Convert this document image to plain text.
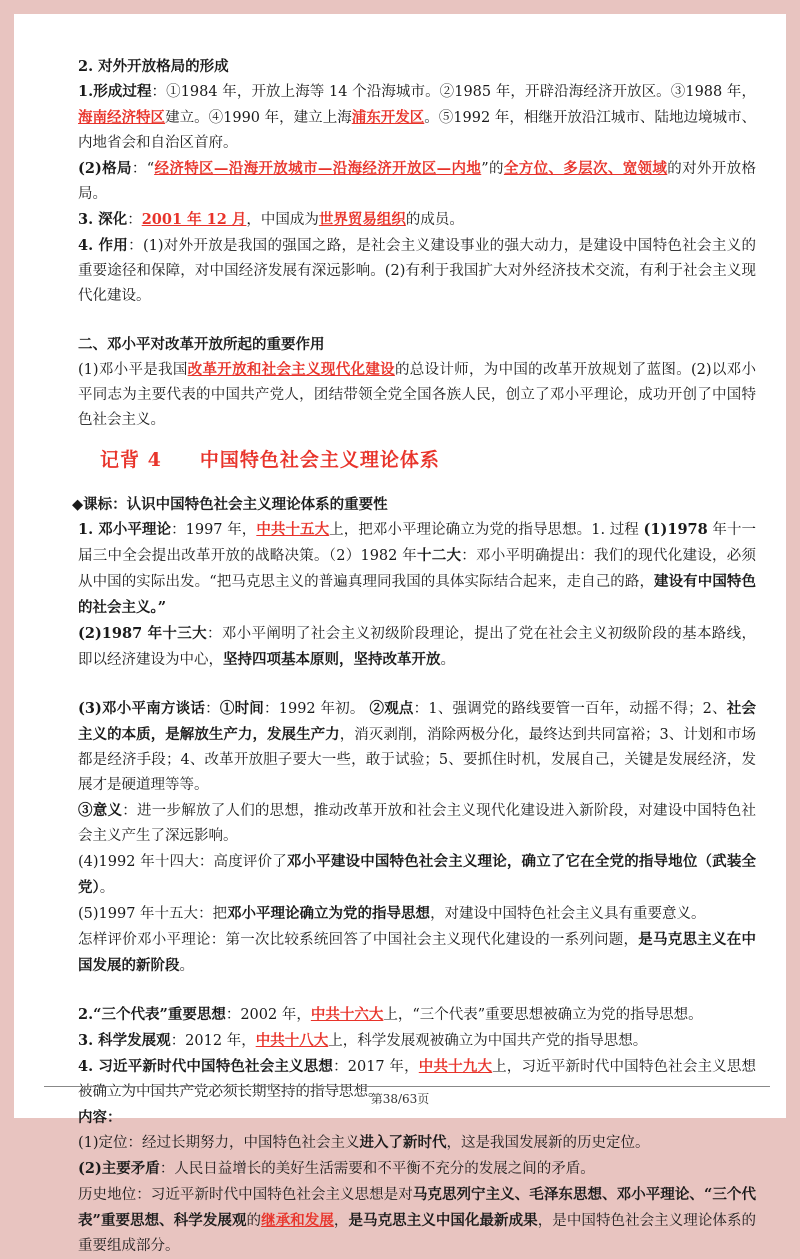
2. 对外开放格局的形成

1.形成过程：①1984 年，开放上海等 14 个沿海城市。②1985 年，开辟沿海经济开放区。③1988 年，海南经济特区建立。④1990 年，建立上海浦东开发区。⑤1992 年，相继开放沿江城市、陆地边境城市、内地省会和自治区首府。

(2)格局：“经济特区—沿海开放城市—沿海经济开放区—内地”的全方位、多层次、宽领域的对外开放格局。

3. 深化：2001 年 12 月，中国成为世界贸易组织的成员。

4. 作用：(1)对外开放是我国的强国之路，是社会主义建设事业的强大动力，是建设中国特色社会主义的重要途径和保障，对中国经济发展有深远影响。(2)有利于我国扩大对外经济技术交流，有利于社会主义现代化建设。

二、邓小平对改革开放所起的重要作用

(1)邓小平是我国改革开放和社会主义现代化建设的总设计师，为中国的改革开放规划了蓝图。(2)以邓小平同志为主要代表的中国共产党人，团结带领全党全国各族人民，创立了邓小平理论，成功开创了中国特色社会主义。

记背 4 中国特色社会主义理论体系

◆课标：认识中国特色社会主义理论体系的重要性

1. 邓小平理论：1997 年，中共十五大上，把邓小平理论确立为党的指导思想。1. 过程 (1)1978 年十一届三中全会提出改革开放的战略决策。（2）1982 年十二大：邓小平明确提出：我们的现代化建设，必须从中国的实际出发。“把马克思主义的普遍真理同我国的具体实际结合起来，走自己的路，建设有中国特色的社会主义。”

(2)1987 年十三大：邓小平阐明了社会主义初级阶段理论，提出了党在社会主义初级阶段的基本路线，即以经济建设为中心，坚持四项基本原则，坚持改革开放。

(3)邓小平南方谈话：①时间：1992 年初。 ②观点：1、强调党的路线要管一百年，动摇不得；2、社会主义的本质，是解放生产力，发展生产力，消灭剥削，消除两极分化，最终达到共同富裕；3、计划和市场都是经济手段；4、改革开放胆子要大一些，敢于试验；5、要抓住时机，发展自己，关键是发展经济，发展才是硬道理等等。

③意义：进一步解放了人们的思想，推动改革开放和社会主义现代化建设进入新阶段，对建设中国特色社会主义产生了深远影响。

(4)1992 年十四大：高度评价了邓小平建设中国特色社会主义理论，确立了它在全党的指导地位（武装全党）。

(5)1997 年十五大：把邓小平理论确立为党的指导思想，对建设中国特色社会主义具有重要意义。

怎样评价邓小平理论：第一次比较系统回答了中国社会主义现代化建设的一系列问题，是马克思主义在中国发展的新阶段。

2.“三个代表”重要思想：2002 年，中共十六大上，“三个代表”重要思想被确立为党的指导思想。

3. 科学发展观：2012 年，中共十八大上，科学发展观被确立为中国共产党的指导思想。

4. 习近平新时代中国特色社会主义思想：2017 年，中共十九大上，习近平新时代中国特色社会主义思想被确立为中国共产党必须长期坚持的指导思想。

内容：

(1)定位：经过长期努力，中国特色社会主义进入了新时代，这是我国发展新的历史定位。

(2)主要矛盾：人民日益增长的美好生活需要和不平衡不充分的发展之间的矛盾。

历史地位：习近平新时代中国特色社会主义思想是对马克思列宁主义、毛泽东思想、邓小平理论、“三个代表”重要思想、科学发展观的继承和发展，是马克思主义中国化最新成果，是中国特色社会主义理论体系的重要组成部分。

第38/63页
